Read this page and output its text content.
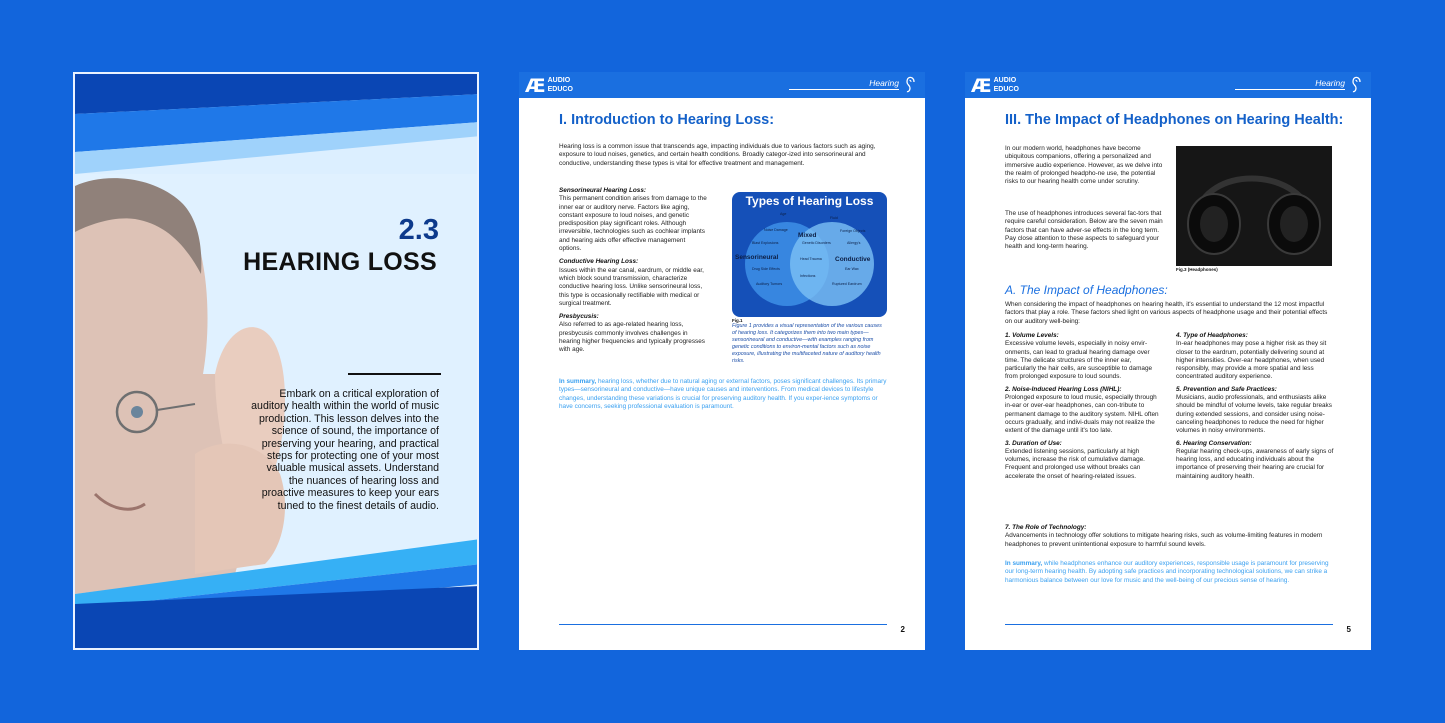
2.3
HEARING LOSS
Embark on a critical exploration of auditory health within the world of music production. This lesson delves into the science of sound, the importance of preserving your hearing, and practical steps for protecting one of your most valuable musical assets. Understand the nuances of hearing loss and proactive measures to keep your ears tuned to the finest details of audio.
Æ AUDIO
EDUCO
Hearing
I. Introduction to Hearing Loss:
Hearing loss is a common issue that transcends age, impacting individuals due to various factors such as aging, exposure to loud noises, genetics, and certain health conditions. Broadly categor-ized into sensorineural and conductive, understanding these types is vital for effective treatment and management.
Sensorineural Hearing Loss:
This permanent condition arises from damage to the inner ear or auditory nerve. Factors like aging, constant exposure to loud noises, and genetic predisposition play significant roles. Although irreversible, technologies such as cochlear implants and hearing aids offer effective management options.
Conductive Hearing Loss:
Issues within the ear canal, eardrum, or middle ear, which block sound transmission, characterize conductive hearing loss. Unlike sensorineural loss, this type is occasionally rectifiable with medical or surgical treatment.
Presbycusis:
Also referred to as age-related hearing loss, presbycusis commonly involves challenges in hearing higher frequencies and typically progresses with age.
Types of Hearing Loss
Sensorineural
Mixed
Conductive
Age
Fluid
Noise Damage	Foreign Objects
Blast Explosions	Genetic Disorders	Allergy's
Head Trauma
Ear Wax
Drug Side Effects
Infections
Auditory Tumors	Ruptured Eardrum
Fig.1
Figure 1 provides a visual representation of the various causes of hearing loss. It categorizes them into two main types—sensorineural and conductive—with examples ranging from genetic conditions to environ-mental factors such as noise exposure, illustrating the multifaceted nature of auditory health risks.
In summary, hearing loss, whether due to natural aging or external factors, poses significant challenges. Its primary types—sensorineural and conductive—have unique causes and interventions. From medical devices to lifestyle changes, understanding these variations is crucial for preserving auditory health. If you exper-ience symptoms or have concerns, seeking professional evaluation is paramount.
2
Æ AUDIO
EDUCO
Hearing
III. The Impact of Headphones on Hearing Health:
In our modern world, headphones have become ubiquitous companions, offering a personalized and immersive audio experience. However, as we delve into the realm of prolonged headpho-ne use, the potential risks to our hearing health come under scrutiny.
The use of headphones introduces several fac-tors that require careful consideration. Below are the seven main factors that can have adver-se effects in the long term. Pay close attention to these aspects to safeguard your health and long-term hearing.
Fig.3 (Headphones)
A. The Impact of Headphones:
When considering the impact of headphones on hearing health, it's essential to understand the 12 most impactful factors that play a role. These factors shed light on various aspects of headphone usage and their potential effects on our auditory well-being:
1. Volume Levels:
Excessive volume levels, especially in noisy envir-onments, can lead to gradual hearing damage over time. The delicate structures of the inner ear, particularly the hair cells, are susceptible to damage from prolonged exposure to loud sounds.
2. Noise-Induced Hearing Loss (NIHL):
Prolonged exposure to loud music, especially through in-ear or over-ear headphones, can con-tribute to permanent damage to the auditory system. NIHL often occurs gradually, and indivi-duals may not realize the extent of the damage until it's too late.
3. Duration of Use:
Extended listening sessions, particularly at high volumes, increase the risk of cumulative damage. Frequent and prolonged use without breaks can accelerate the onset of hearing-related issues.
4. Type of Headphones:
In-ear headphones may pose a higher risk as they sit closer to the eardrum, potentially delivering sound at higher intensities. Over-ear headphones, when used responsibly, may provide a more spatial and less concentrated auditory experience.
5. Prevention and Safe Practices:
Musicians, audio professionals, and enthusiasts alike should be mindful of volume levels, take regular breaks during extended sessions, and consider using noise-canceling headphones to reduce the need for higher volumes in noisy environments.
6. Hearing Conservation:
Regular hearing check-ups, awareness of early signs of hearing loss, and educating individuals about the importance of preserving their hearing are crucial for maintaining auditory health.
7. The Role of Technology:
Advancements in technology offer solutions to mitigate hearing risks, such as volume-limiting features in modern headphones to prevent unintentional exposure to harmful sound levels.
In summary, while headphones enhance our auditory experiences, responsible usage is paramount for preserving our long-term hearing health. By adopting safe practices and incorporating technological solutions, we can strike a harmonious balance between our love for music and the well-being of our precious sense of hearing.
5
